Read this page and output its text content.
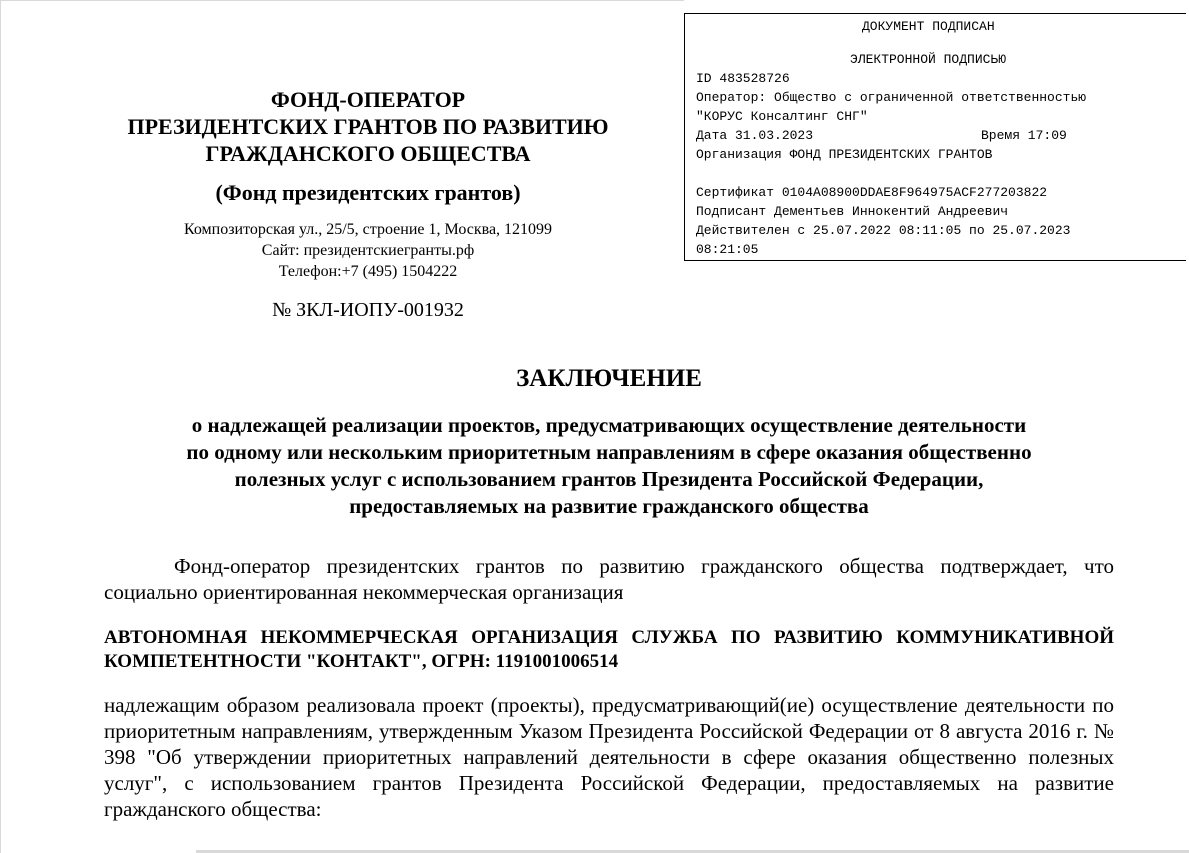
ФОНД-ОПЕРАТОР
ПРЕЗИДЕНТСКИХ ГРАНТОВ ПО РАЗВИТИЮ
ГРАЖДАНСКОГО ОБЩЕСТВА
(Фонд президентских грантов)
Композиторская ул., 25/5, строение 1, Москва, 121099
Сайт: президентскиегранты.рф
Телефон:+7 (495) 1504222
№ ЗКЛ-ИОПУ-001932
ДОКУМЕНТ ПОДПИСАН
ЭЛЕКТРОННОЙ ПОДПИСЬЮ
ID 483528726
Оператор: Общество с ограниченной ответственностью
"КОРУС Консалтинг СНГ"
Дата 31.03.2023	Время 17:09
Организация ФОНД ПРЕЗИДЕНТСКИХ ГРАНТОВ
Сертификат 0104A08900DDAE8F964975ACF277203822
Подписант Дементьев Иннокентий Андреевич
Действителен с 25.07.2022 08:11:05 по 25.07.2023
08:21:05
ЗАКЛЮЧЕНИЕ
о надлежащей реализации проектов, предусматривающих осуществление деятельности
по одному или нескольким приоритетным направлениям в сфере оказания общественно
полезных услуг с использованием грантов Президента Российской Федерации,
предоставляемых на развитие гражданского общества
Фонд-оператор президентских грантов по развитию гражданского общества подтверждает, что социально ориентированная некоммерческая организация
АВТОНОМНАЯ НЕКОММЕРЧЕСКАЯ ОРГАНИЗАЦИЯ СЛУЖБА ПО РАЗВИТИЮ КОММУНИКАТИВНОЙ КОМПЕТЕНТНОСТИ "КОНТАКТ", ОГРН: 1191001006514
надлежащим образом реализовала проект (проекты), предусматривающий(ие) осуществление деятельности по приоритетным направлениям, утвержденным Указом Президента Российской Федерации от 8 августа 2016 г. № 398 "Об утверждении приоритетных направлений деятельности в сфере оказания общественно полезных услуг", с использованием грантов Президента Российской Федерации, предоставляемых на развитие гражданского общества:
